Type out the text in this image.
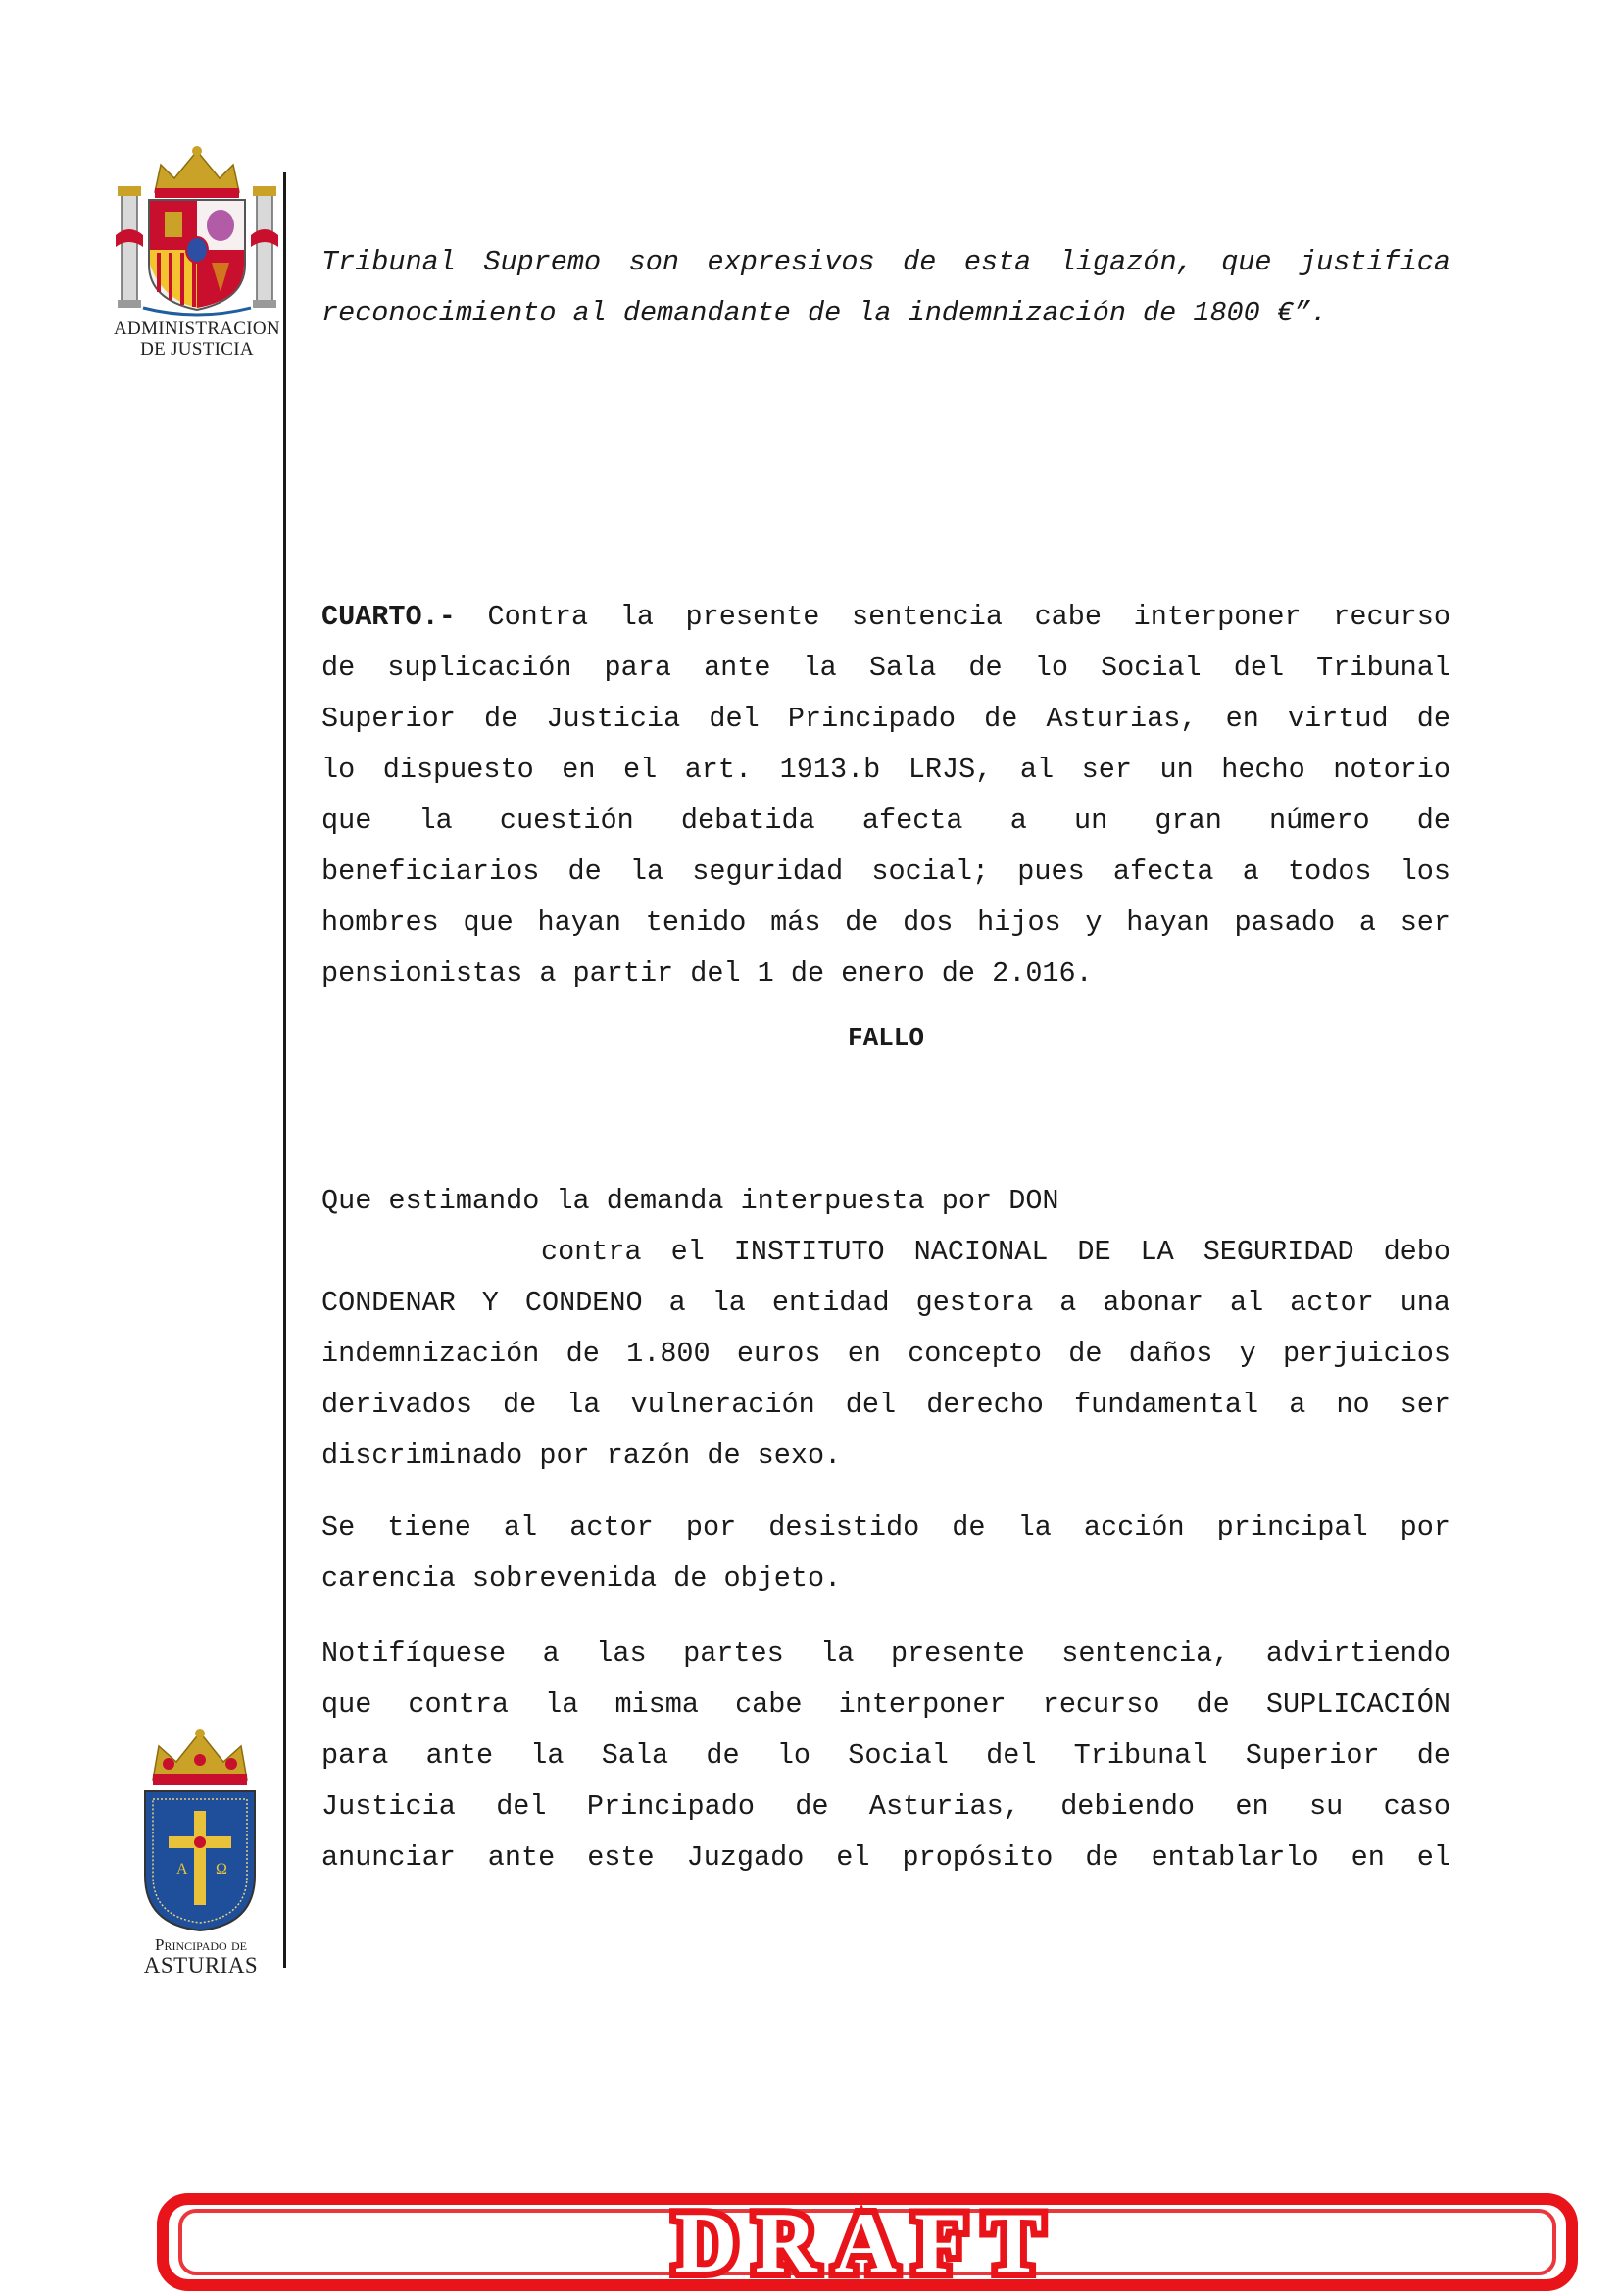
ADMINISTRACION
DE JUSTICIA
Tribunal Supremo son expresivos de esta ligazón, que justifica
reconocimiento al demandante de la indemnización de 1800 €”.
CUARTO.- Contra la presente sentencia cabe interponer recurso
de suplicación para ante la Sala de lo Social del Tribunal
Superior de Justicia del Principado de Asturias, en virtud de
lo dispuesto en el art. 1913.b LRJS, al ser un hecho notorio
que la cuestión debatida afecta a un gran número de
beneficiarios de la seguridad social; pues afecta a todos los
hombres que hayan tenido más de dos hijos y hayan pasado a ser
pensionistas a partir del 1 de enero de 2.016.
FALLO
Que estimando la demanda interpuesta por DON
contra el INSTITUTO NACIONAL DE LA SEGURIDAD debo
CONDENAR Y CONDENO a la entidad gestora a abonar al actor una
indemnización de 1.800 euros en concepto de daños y perjuicios
derivados de la vulneración del derecho fundamental a no ser
discriminado por razón de sexo.
Se tiene al actor por desistido de la acción principal por
carencia sobrevenida de objeto.
Notifíquese a las partes la presente sentencia, advirtiendo
que contra la misma cabe interponer recurso de SUPLICACIÓN
para ante la Sala de lo Social del Tribunal Superior de
Justicia del Principado de Asturias, debiendo en su caso
anunciar ante este Juzgado el propósito de entablarlo en el
A Ω
Principado de
ASTURIAS
DRAFT
